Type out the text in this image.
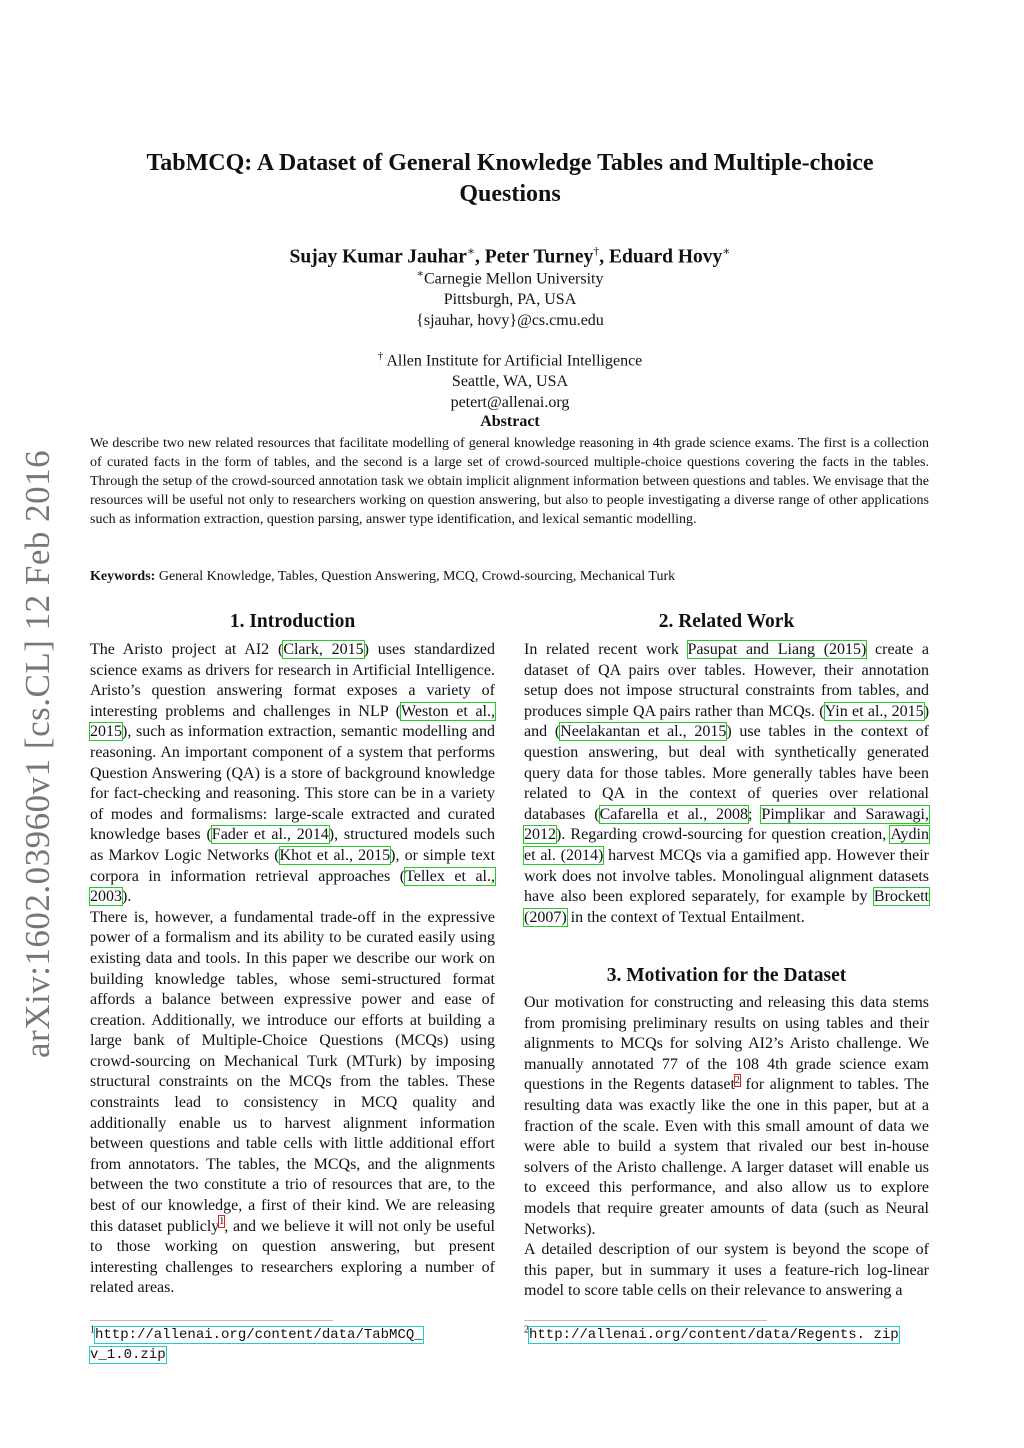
arXiv:1602.03960v1 [cs.CL] 12 Feb 2016
TabMCQ: A Dataset of General Knowledge Tables and Multiple-choice Questions
Sujay Kumar Jauhar∗, Peter Turney†, Eduard Hovy∗
∗Carnegie Mellon University
Pittsburgh, PA, USA
{sjauhar, hovy}@cs.cmu.edu
† Allen Institute for Artificial Intelligence
Seattle, WA, USA
petert@allenai.org
Abstract
We describe two new related resources that facilitate modelling of general knowledge reasoning in 4th grade science exams. The first is a collection of curated facts in the form of tables, and the second is a large set of crowd-sourced multiple-choice questions covering the facts in the tables. Through the setup of the crowd-sourced annotation task we obtain implicit alignment information between questions and tables. We envisage that the resources will be useful not only to researchers working on question answering, but also to people investigating a diverse range of other applications such as information extraction, question parsing, answer type identification, and lexical semantic modelling.
Keywords: General Knowledge, Tables, Question Answering, MCQ, Crowd-sourcing, Mechanical Turk
1. Introduction

The Aristo project at AI2 (Clark, 2015) uses standardized science exams as drivers for research in Artificial Intelligence. Aristo’s question answering format exposes a variety of interesting problems and challenges in NLP (Weston et al., 2015), such as information extraction, semantic modelling and reasoning. An important component of a system that performs Question Answering (QA) is a store of background knowledge for fact-checking and reasoning. This store can be in a variety of modes and formalisms: large-scale extracted and curated knowledge bases (Fader et al., 2014), structured models such as Markov Logic Networks (Khot et al., 2015), or simple text corpora in information retrieval approaches (Tellex et al., 2003).

There is, however, a fundamental trade-off in the expressive power of a formalism and its ability to be curated easily using existing data and tools. In this paper we describe our work on building knowledge tables, whose semi-structured format affords a balance between expressive power and ease of creation. Additionally, we introduce our efforts at building a large bank of Multiple-Choice Questions (MCQs) using crowd-sourcing on Mechanical Turk (MTurk) by imposing structural constraints on the MCQs from the tables. These constraints lead to consistency in MCQ quality and additionally enable us to harvest alignment information between questions and table cells with little additional effort from annotators. The tables, the MCQs, and the alignments between the two constitute a trio of resources that are, to the best of our knowledge, a first of their kind. We are releasing this dataset publicly$^1$, and we believe it will not only be useful to those working on question answering, but present interesting challenges to researchers exploring a number of related areas.

2. Related Work

In related recent work Pasupat and Liang (2015) create a dataset of QA pairs over tables. However, their annotation setup does not impose structural constraints from tables, and produces simple QA pairs rather than MCQs. (Yin et al., 2015) and (Neelakantan et al., 2015) use tables in the context of question answering, but deal with synthetically generated query data for those tables. More generally tables have been related to QA in the context of queries over relational databases (Cafarella et al., 2008; Pimplikar and Sarawagi, 2012). Regarding crowd-sourcing for question creation, Aydin et al. (2014) harvest MCQs via a gamified app. However their work does not involve tables. Monolingual alignment datasets have also been explored separately, for example by Brockett (2007) in the context of Textual Entailment.

3. Motivation for the Dataset

Our motivation for constructing and releasing this data stems from promising preliminary results on using tables and their alignments to MCQs for solving AI2’s Aristo challenge. We manually annotated 77 of the 108 4th grade science exam questions in the Regents dataset$^2$ for alignment to tables. The resulting data was exactly like the one in this paper, but at a fraction of the scale. Even with this small amount of data we were able to build a system that rivaled our best in-house solvers of the Aristo challenge. A larger dataset will enable us to exceed this performance, and also allow us to explore models that require greater amounts of data (such as Neural Networks).

A detailed description of our system is beyond the scope of this paper, but in summary it uses a feature-rich log-linear model to score table cells on their relevance to answering a

$^1$http://allenai.org/content/data/TabMCQ_ v_1.0.zip
$^2$http://allenai.org/content/data/Regents. zip
